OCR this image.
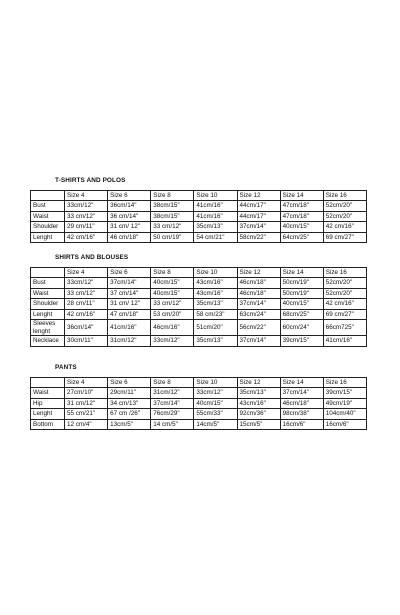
T-SHIRTS AND POLOS
	Size 4	Size 6	Size 8	Size 10	Size 12	Size 14	Size 16
Bust	33cm/12"	36cm/14"	38cm/15"	41cm/16"	44cm/17"	47cm/18"	52cm/20"
Waist	33 cm/12"	36 cm/14"	38cm/15"	41cm/16"	44cm/17"	47cm/18"	52cm/20"
Shoulder	29 cm/11"	31 cm/ 12"	33 cm/12"	35cm/13"	37cm/14"	40cm/15"	42 cm/16"
Lenght	42 cm/16"	46 cm/18"	50 cm/19"	54 cm/21"	58cm/22"	64cm/25"	69 cm/27"
SHIRTS AND BLOUSES
	Size 4	Size 6	Size 8	Size 10	Size 12	Size 14	Size 16
Bust	33cm/12"	37cm/14"	40cm/15"	43cm/16"	46cm/18"	50cm/19"	52cm/20"
Waist	33 cm/12"	37 cm/14"	40cm/15"	43cm/16"	46cm/18"	50cm/19"	52cm/20"
Shoulder	28 cm/11"	31 cm/ 12"	33 cm/12"	35cm/13"	37cm/14"	40cm/15"	42 cm/16"
Lenght	42 cm/16"	47 cm/18"	53 cm/20"	58 cm/23"	63cm/24"	68cm/25"	69 cm/27"
Sleeves lenght	36cm/14"	41cm/16"	46cm/16"	51cm/20"	56cm/22"	60cm/24"	66cm725"
Necklace	30cm/11"	31cm/12"	33cm/12"	35cm/13"	37cm/14"	39cm/15"	41cm/16"
PANTS
	Size 4	Size 6	Size 8	Size 10	Size 12	Size 14	Size 16
Waist	27cm/10"	29cm/11"	31cm/12"	33cm/12"	35cm/13"	37cm/14"	39cm/15"
Hip	31 cm/12"	34 cm/13"	37cm/14"	40cm/15"	43cm/16"	46cm/18"	49cm/19"
Lenght	55 cm/21"	67 cm /26"	76cm/29"	55cm/33"	92cm/36"	98cm/38"	104cm/40"
Bottom	12 cm/4"	13cm/5"	14 cm/5"	14cm/5"	15cm/5"	16cm/6"	16cm/6"
